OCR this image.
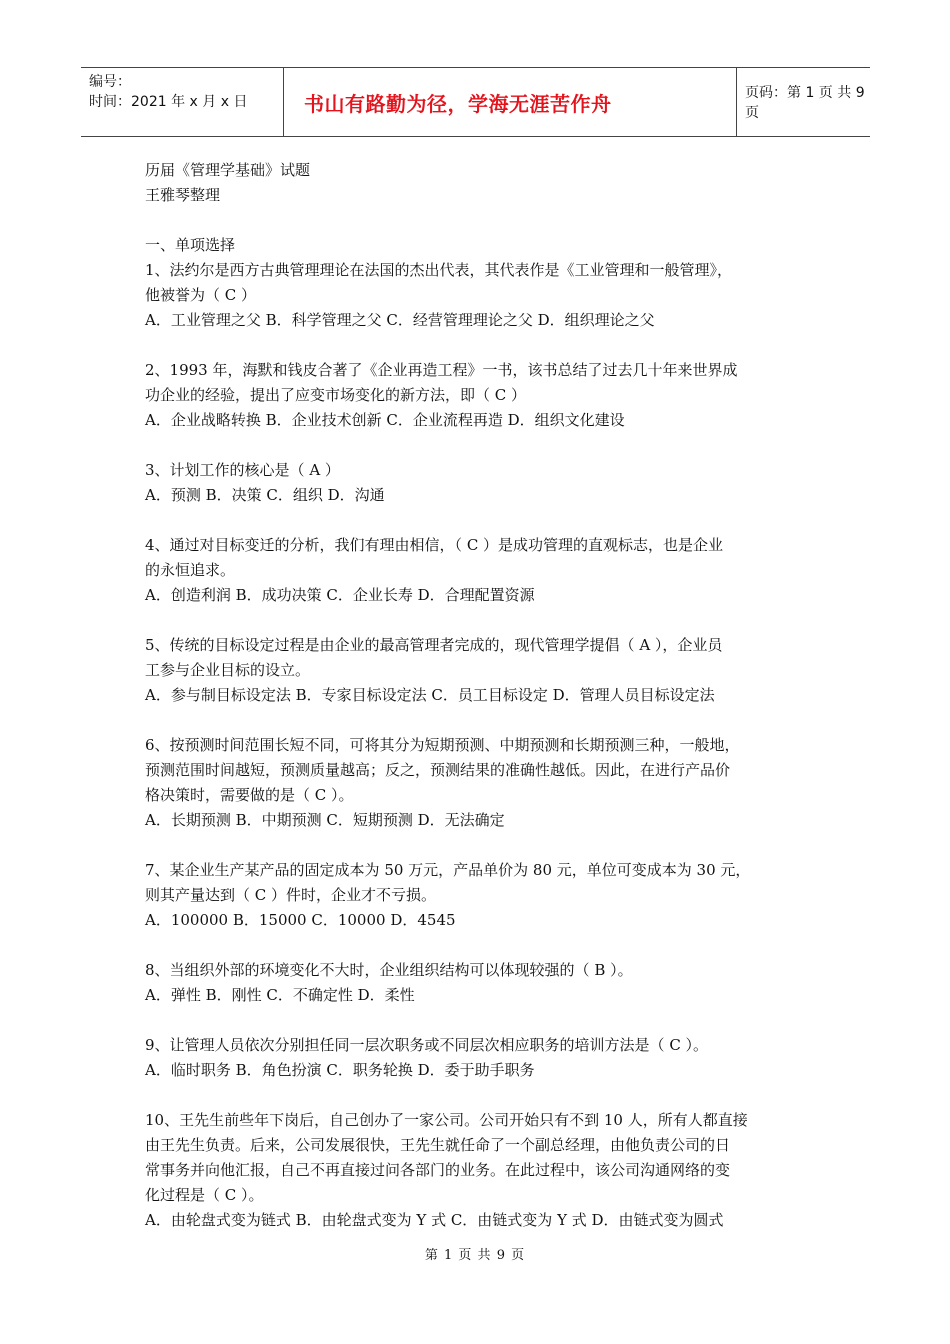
编号：
时间：2021 年 x 月 x 日	书山有路勤为径，学海无涯苦作舟	页码：第 1 页 共 9 页

历届《管理学基础》试题

王雅琴整理

一、单项选择

1、法约尔是西方古典管理理论在法国的杰出代表，其代表作是《工业管理和一般管理》，

他被誉为（ C ）

A．工业管理之父 B．科学管理之父 C．经营管理理论之父 D．组织理论之父

2、1993 年，海默和钱皮合著了《企业再造工程》一书，该书总结了过去几十年来世界成

功企业的经验，提出了应变市场变化的新方法，即（ C ）

A．企业战略转换 B．企业技术创新 C．企业流程再造 D．组织文化建设

3、计划工作的核心是（ A ）

A．预测 B．决策 C．组织 D．沟通

4、通过对目标变迁的分析，我们有理由相信，（ C ）是成功管理的直观标志，也是企业

的永恒追求。

A．创造利润 B．成功决策 C．企业长寿 D．合理配置资源

5、传统的目标设定过程是由企业的最高管理者完成的，现代管理学提倡（ A ），企业员

工参与企业目标的设立。

A．参与制目标设定法 B．专家目标设定法 C．员工目标设定 D．管理人员目标设定法

6、按预测时间范围长短不同，可将其分为短期预测、中期预测和长期预测三种，一般地，

预测范围时间越短，预测质量越高；反之，预测结果的准确性越低。因此，在进行产品价

格决策时，需要做的是（ C ）。

A．长期预测 B．中期预测 C．短期预测 D．无法确定

7、某企业生产某产品的固定成本为 50 万元，产品单价为 80 元，单位可变成本为 30 元，

则其产量达到（ C ）件时，企业才不亏损。

A．100000 B．15000 C．10000 D．4545

8、当组织外部的环境变化不大时，企业组织结构可以体现较强的（ B ）。

A．弹性 B．刚性 C．不确定性 D．柔性

9、让管理人员依次分别担任同一层次职务或不同层次相应职务的培训方法是（ C ）。

A．临时职务 B．角色扮演 C．职务轮换 D．委于助手职务

10、王先生前些年下岗后，自己创办了一家公司。公司开始只有不到 10 人，所有人都直接

由王先生负责。后来，公司发展很快，王先生就任命了一个副总经理，由他负责公司的日

常事务并向他汇报，自己不再直接过问各部门的业务。在此过程中，该公司沟通网络的变

化过程是（ C ）。

A．由轮盘式变为链式 B．由轮盘式变为 Y 式 C．由链式变为 Y 式 D．由链式变为圆式

第 1 页 共 9 页
